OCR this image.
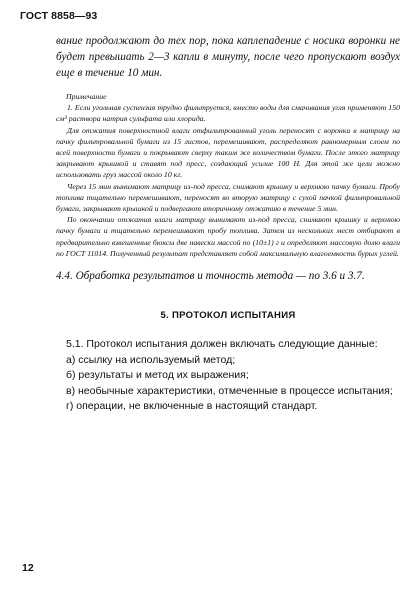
ГОСТ 8858—93

вание продолжают до тех пор, пока каплепадение с носика воронки не будет превышать 2—3 капли в минуту, после чего пропускают воздух еще в течение 10 мин.

Примечание

1. Если угольная суспензия трудно фильтруется, вместо воды для смачивания угля применяют 150 см³ раствора натрия сульфата или хлорида.

Для отжатия поверхностной влаги отфильтрованный уголь переносят с воронки в матрицу на пачку фильтровальной бумаги из 15 листов, перемешивают, распределяют равномерным слоем по всей поверхности бумаги и покрывают сверху таким же количеством бумаги. После этого матрицу закрывают крышкой и ставят под пресс, создающий усилие 100 Н. Для этой же цели можно использовать груз массой около 10 кг.

Через 15 мин вынимают матрицу из-под пресса, снимают крышку и верхнюю пачку бумаги. Пробу топлива тщательно перемешивают, переносят во вторую матрицу с сухой пачкой фильтровальной бумаги, закрывают крышкой и подвергают вторичному отжатию в течение 5 мин.

По окончании отжатия влаги матрицу вынимают из-под пресса, снимают крышку и верхнюю пачку бумаги и тщательно перемешивают пробу топлива. Затем из нескольких мест отбирают в предварительно взвешенные бюксы две навески массой по (10±1) г и определяют массовую долю влаги по ГОСТ 11014. Полученный результат представляет собой максимальную влагоемкость бурых углей.

4.4. Обработка результатов и точность метода — по 3.6 и 3.7.

5. ПРОТОКОЛ ИСПЫТАНИЯ

5.1. Протокол испытания должен включать следующие данные:

а) ссылку на используемый метод;

б) результаты и метод их выражения;

в) необычные характеристики, отмеченные в процессе испытания;

г) операции, не включенные в настоящий стандарт.

12
